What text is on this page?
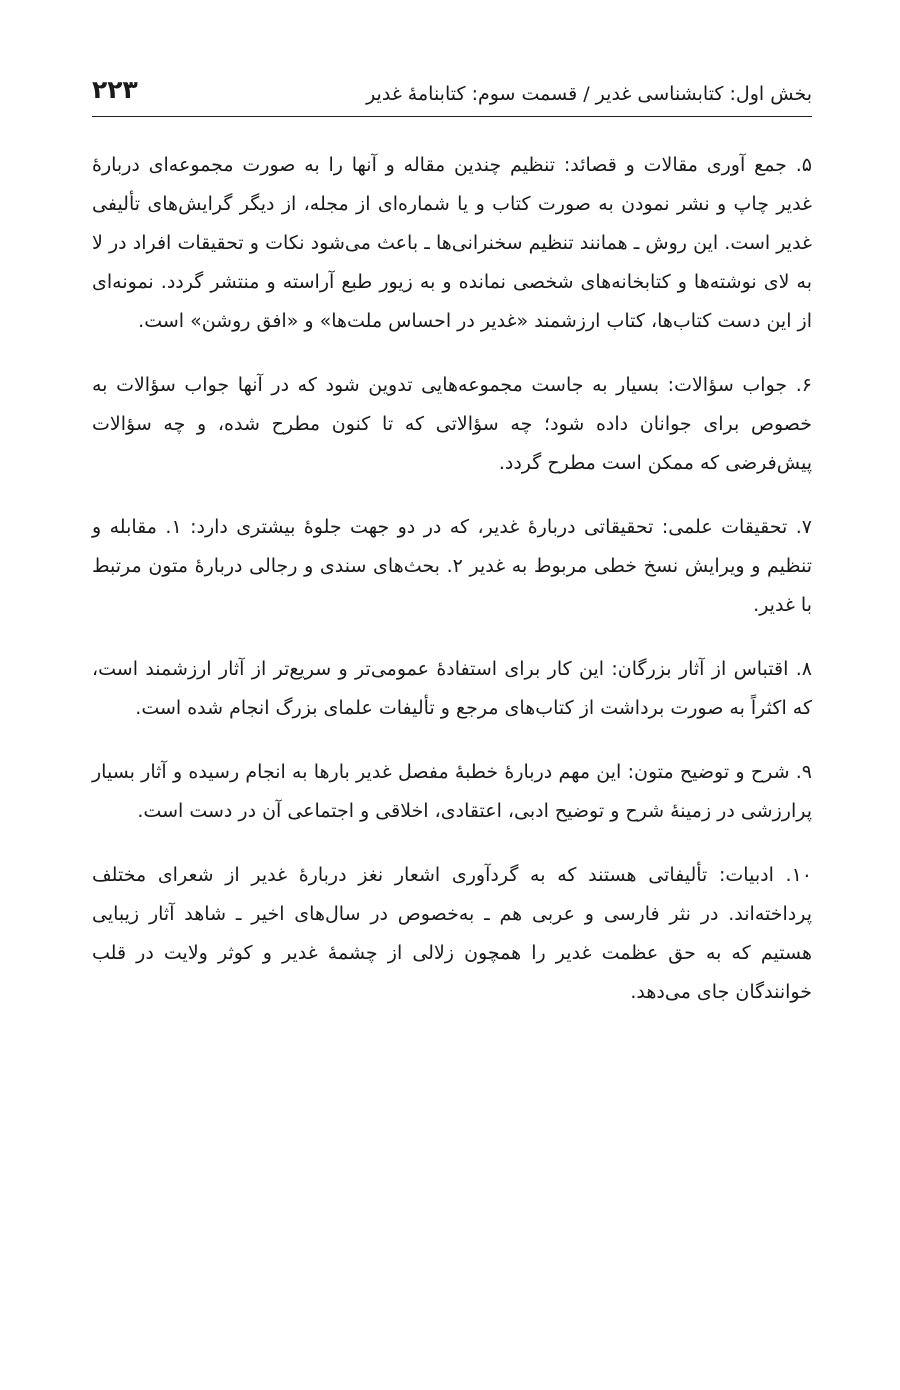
بخش اول: کتابشناسی غدیر / قسمت سوم: کتابنامهٔ غدیر
۲۲۳

۵. جمع آوری مقالات و قصائد: تنظیم چندین مقاله و آنها را به صورت مجموعه‌ای دربارهٔ غدیر چاپ و نشر نمودن به صورت کتاب و یا شماره‌ای از مجله، از دیگر گرایش‌های تألیفی غدیر است. این روش ـ همانند تنظیم سخنرانی‌ها ـ باعث می‌شود نکات و تحقیقات افراد در لا به لای نوشته‌ها و کتابخانه‌های شخصی نمانده و به زیور طبع آراسته و منتشر گردد. نمونه‌ای از این دست کتاب‌ها، کتاب ارزشمند «غدیر در احساس ملت‌ها» و «افق روشن» است.

۶. جواب سؤالات: بسیار به جاست مجموعه‌هایی تدوین شود که در آنها جواب سؤالات به خصوص برای جوانان داده شود؛ چه سؤالاتی که تا کنون مطرح شده، و چه سؤالات پیش‌فرضی که ممکن است مطرح گردد.

۷. تحقیقات علمی: تحقیقاتی دربارهٔ غدیر، که در دو جهت جلوهٔ بیشتری دارد: ۱. مقابله و تنظیم و ویرایش نسخ خطی مربوط به غدیر ۲. بحث‌های سندی و رجالی دربارهٔ متون مرتبط با غدیر.

۸. اقتباس از آثار بزرگان: این کار برای استفادهٔ عمومی‌تر و سریع‌تر از آثار ارزشمند است، که اکثراً به صورت برداشت از کتاب‌های مرجع و تألیفات علمای بزرگ انجام شده است.

۹. شرح و توضیح متون: این مهم دربارهٔ خطبهٔ مفصل غدیر بارها به انجام رسیده و آثار بسیار پرارزشی در زمینهٔ شرح و توضیح ادبی، اعتقادی، اخلاقی و اجتماعی آن در دست است.

۱۰. ادبیات: تألیفاتی هستند که به گردآوری اشعار نغز دربارهٔ غدیر از شعرای مختلف پرداخته‌اند. در نثر فارسی و عربی هم ـ به‌خصوص در سال‌های اخیر ـ شاهد آثار زیبایی هستیم که به حق عظمت غدیر را همچون زلالی از چشمهٔ غدیر و کوثر ولایت در قلب خوانندگان جای می‌دهد.
